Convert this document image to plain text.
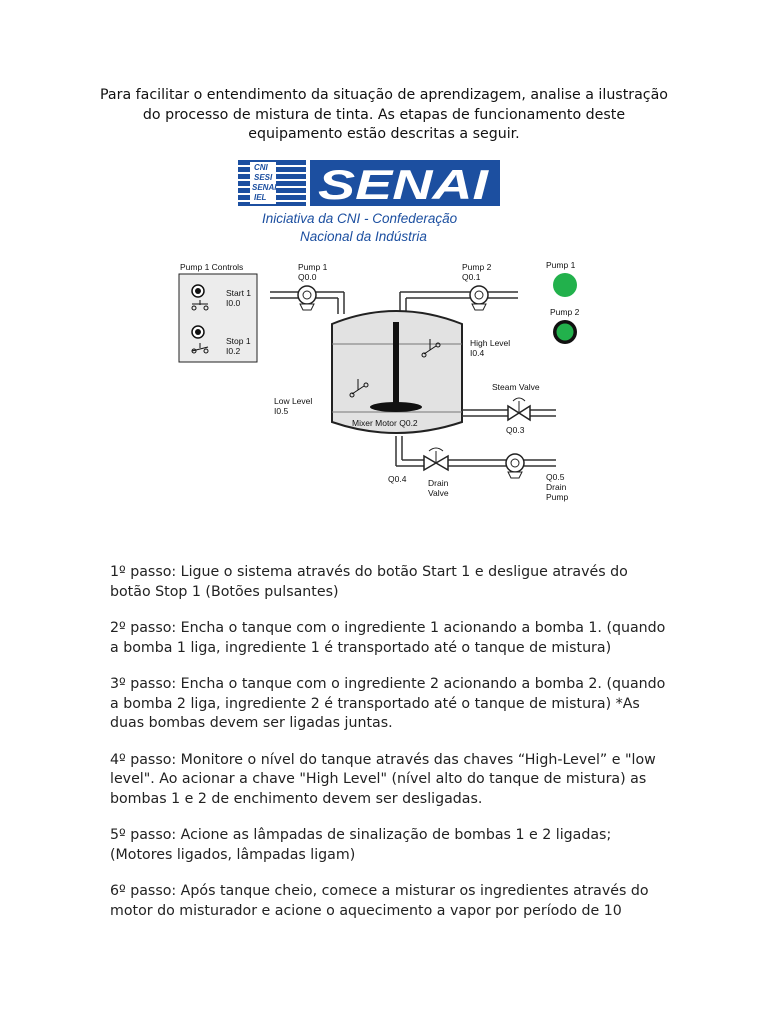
Para facilitar o entendimento da situação de aprendizagem, analise a ilustração do processo de mistura de tinta. As etapas de funcionamento deste equipamento estão descritas a seguir.
CNI
SESI
SENAI
IEL SENAI
Iniciativa da CNI - Confederação
Nacional da Indústria
Pump 1 Controls
Start 1
I0.0
Stop 1
I0.2
Pump 1
Q0.0
Pump 2
Q0.1
Pump 1
Pump 2
Mixer Motor Q0.2
High Level
I0.4
Low Level
I0.5
Steam Valve
Q0.3
Q0.4	Drain
Valve
Q0.5
Drain
Pump

1º passo: Ligue o sistema através do botão Start 1 e desligue através do botão Stop 1 (Botões pulsantes)

2º passo: Encha o tanque com o ingrediente 1 acionando a bomba 1. (quando a bomba 1 liga, ingrediente 1 é transportado até o tanque de mistura)

3º passo: Encha o tanque com o ingrediente 2 acionando a bomba 2. (quando a bomba 2 liga, ingrediente 2 é transportado até o tanque de mistura) *As duas bombas devem ser ligadas juntas.

4º passo: Monitore o nível do tanque através das chaves “High-Level” e "low level". Ao acionar a chave "High Level" (nível alto do tanque de mistura) as bombas 1 e 2 de enchimento devem ser desligadas.

5º passo: Acione as lâmpadas de sinalização de bombas 1 e 2 ligadas; (Motores ligados, lâmpadas ligam)

6º passo: Após tanque cheio, comece a misturar os ingredientes através do motor do misturador e acione o aquecimento a vapor por período de 10
